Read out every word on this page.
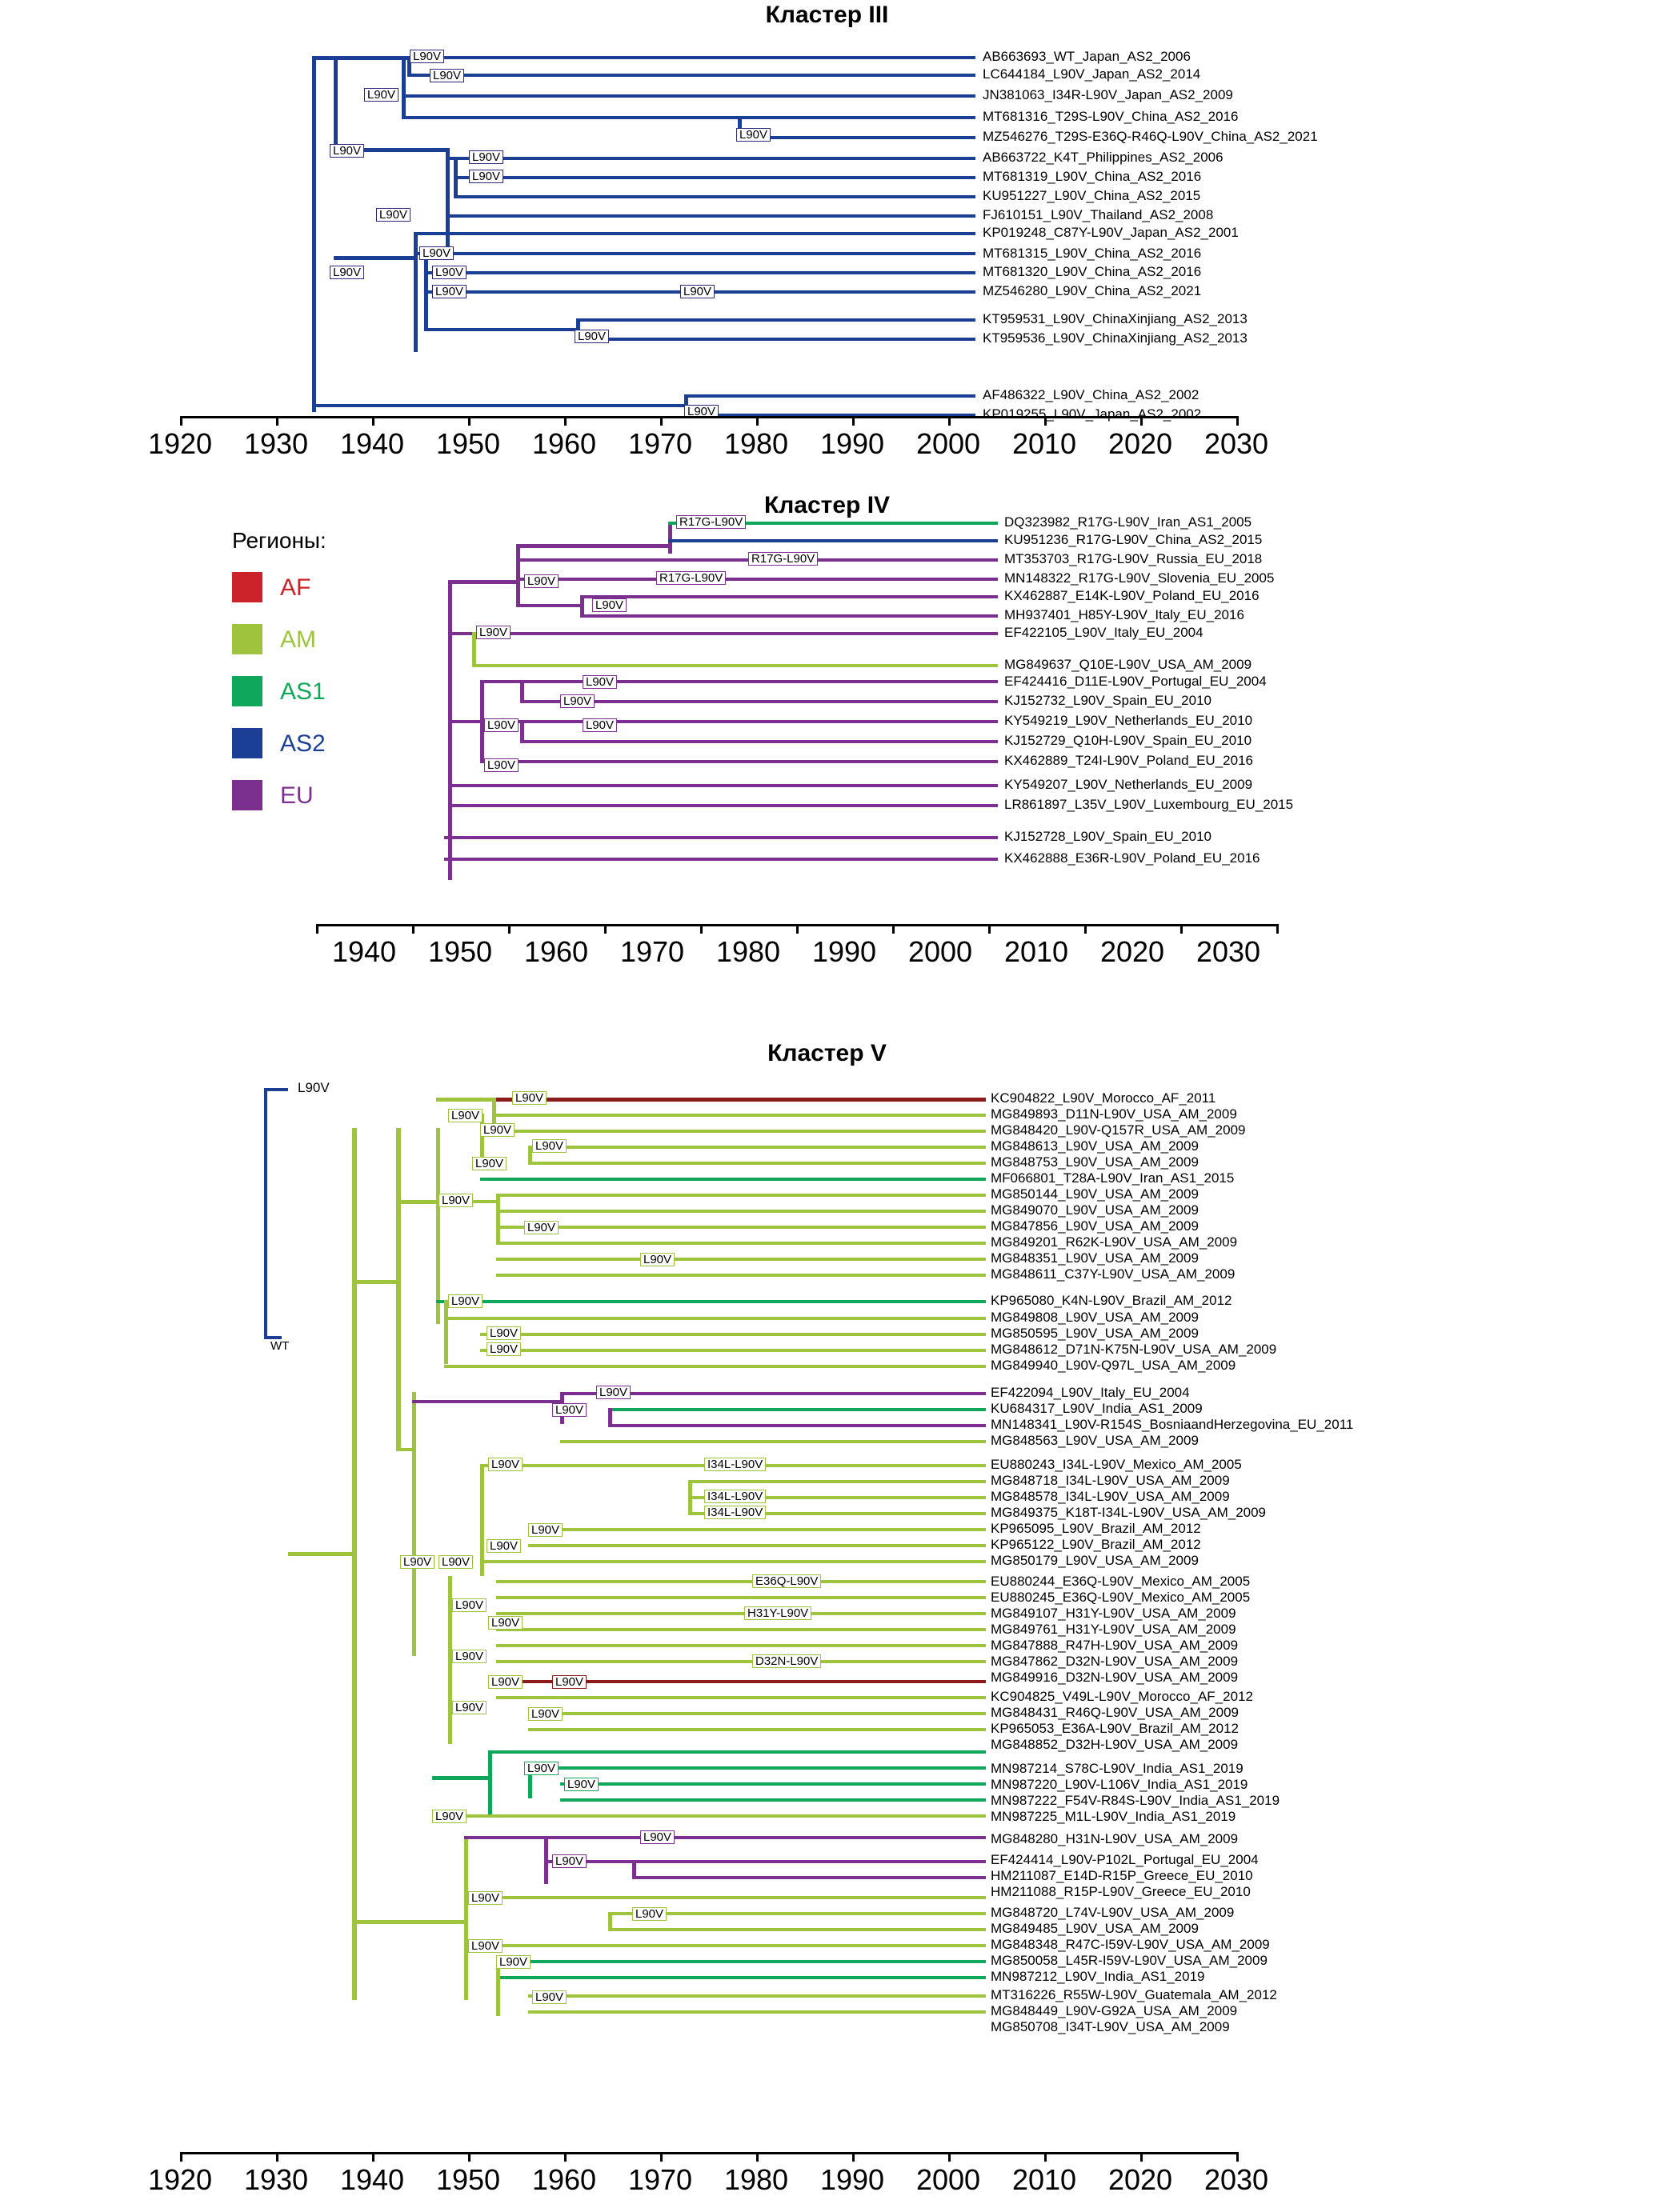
Кластер III
L90V
L90V
L90V
L90V
L90V	L90V
L90V
L90V
L90V
L90V
L90V
L90V	L90V
L90V
L90V
AB663693_WT_Japan_AS2_2006
LC644184_L90V_Japan_AS2_2014
JN381063_I34R-L90V_Japan_AS2_2009
MT681316_T29S-L90V_China_AS2_2016
MZ546276_T29S-E36Q-R46Q-L90V_China_AS2_2021
AB663722_K4T_Philippines_AS2_2006
MT681319_L90V_China_AS2_2016
KU951227_L90V_China_AS2_2015
FJ610151_L90V_Thailand_AS2_2008
KP019248_C87Y-L90V_Japan_AS2_2001
MT681315_L90V_China_AS2_2016
MT681320_L90V_China_AS2_2016
MZ546280_L90V_China_AS2_2021
KT959531_L90V_ChinaXinjiang_AS2_2013
KT959536_L90V_ChinaXinjiang_AS2_2013
AF486322_L90V_China_AS2_2002
KP019255_L90V_Japan_AS2_2002
1920	1930	1940	1950	1960	1970	1980	1990	2000	2010	2020	2030
Кластер IV
Регионы:
AF
AM
AS1
AS2
EU
R17G-L90V
R17G-L90V
R17G-L90V
L90V
L90V
L90V
L90V
L90V
L90V	L90V
L90V
DQ323982_R17G-L90V_Iran_AS1_2005
KU951236_R17G-L90V_China_AS2_2015
MT353703_R17G-L90V_Russia_EU_2018
MN148322_R17G-L90V_Slovenia_EU_2005
KX462887_E14K-L90V_Poland_EU_2016
MH937401_H85Y-L90V_Italy_EU_2016
EF422105_L90V_Italy_EU_2004
MG849637_Q10E-L90V_USA_AM_2009
EF424416_D11E-L90V_Portugal_EU_2004
KJ152732_L90V_Spain_EU_2010
KY549219_L90V_Netherlands_EU_2010
KJ152729_Q10H-L90V_Spain_EU_2010
KX462889_T24I-L90V_Poland_EU_2016
KY549207_L90V_Netherlands_EU_2009
LR861897_L35V_L90V_Luxembourg_EU_2015
KJ152728_L90V_Spain_EU_2010
KX462888_E36R-L90V_Poland_EU_2016
1940	1950	1960	1970	1980	1990	2000	2010	2020	2030
Кластер V
L90V
WT
L90V
L90V
L90V
L90V
L90V
L90V
L90V
L90V
L90V
L90V
L90V
L90V
L90V
I34L-L90V
I34L-L90V
I34L-L90V
L90V
L90V
L90V
L90V L90V
E36Q-L90V
H31Y-L90V
D32N-L90V
L90V
L90V
L90V
L90V	L90V
L90V	L90V
L90V
L90V
L90V
L90V
L90V
L90V
L90V
L90V
L90V
L90V
KC904822_L90V_Morocco_AF_2011
MG849893_D11N-L90V_USA_AM_2009
MG848420_L90V-Q157R_USA_AM_2009
MG848613_L90V_USA_AM_2009
MG848753_L90V_USA_AM_2009
MF066801_T28A-L90V_Iran_AS1_2015
MG850144_L90V_USA_AM_2009
MG849070_L90V_USA_AM_2009
MG847856_L90V_USA_AM_2009
MG849201_R62K-L90V_USA_AM_2009
MG848351_L90V_USA_AM_2009
MG848611_C37Y-L90V_USA_AM_2009
KP965080_K4N-L90V_Brazil_AM_2012
MG849808_L90V_USA_AM_2009
MG850595_L90V_USA_AM_2009
MG848612_D71N-K75N-L90V_USA_AM_2009
MG849940_L90V-Q97L_USA_AM_2009
EF422094_L90V_Italy_EU_2004
KU684317_L90V_India_AS1_2009
MN148341_L90V-R154S_BosniaandHerzegovina_EU_2011
MG848563_L90V_USA_AM_2009
EU880243_I34L-L90V_Mexico_AM_2005
MG848718_I34L-L90V_USA_AM_2009
MG848578_I34L-L90V_USA_AM_2009
MG849375_K18T-I34L-L90V_USA_AM_2009
KP965095_L90V_Brazil_AM_2012
KP965122_L90V_Brazil_AM_2012
MG850179_L90V_USA_AM_2009
EU880244_E36Q-L90V_Mexico_AM_2005
EU880245_E36Q-L90V_Mexico_AM_2005
MG849107_H31Y-L90V_USA_AM_2009
MG849761_H31Y-L90V_USA_AM_2009
MG847888_R47H-L90V_USA_AM_2009
MG847862_D32N-L90V_USA_AM_2009
MG849916_D32N-L90V_USA_AM_2009
KC904825_V49L-L90V_Morocco_AF_2012
MG848431_R46Q-L90V_USA_AM_2009
KP965053_E36A-L90V_Brazil_AM_2012
MG848852_D32H-L90V_USA_AM_2009
MN987214_S78C-L90V_India_AS1_2019
MN987220_L90V-L106V_India_AS1_2019
MN987222_F54V-R84S-L90V_India_AS1_2019
MN987225_M1L-L90V_India_AS1_2019
MG848280_H31N-L90V_USA_AM_2009
EF424414_L90V-P102L_Portugal_EU_2004
HM211087_E14D-R15P_Greece_EU_2010
HM211088_R15P-L90V_Greece_EU_2010
MG848720_L74V-L90V_USA_AM_2009
MG849485_L90V_USA_AM_2009
MG848348_R47C-I59V-L90V_USA_AM_2009
MG850058_L45R-I59V-L90V_USA_AM_2009
MN987212_L90V_India_AS1_2019
MT316226_R55W-L90V_Guatemala_AM_2012
MG848449_L90V-G92A_USA_AM_2009
MG850708_I34T-L90V_USA_AM_2009
1920	1930	1940	1950	1960	1970	1980	1990	2000	2010	2020	2030
